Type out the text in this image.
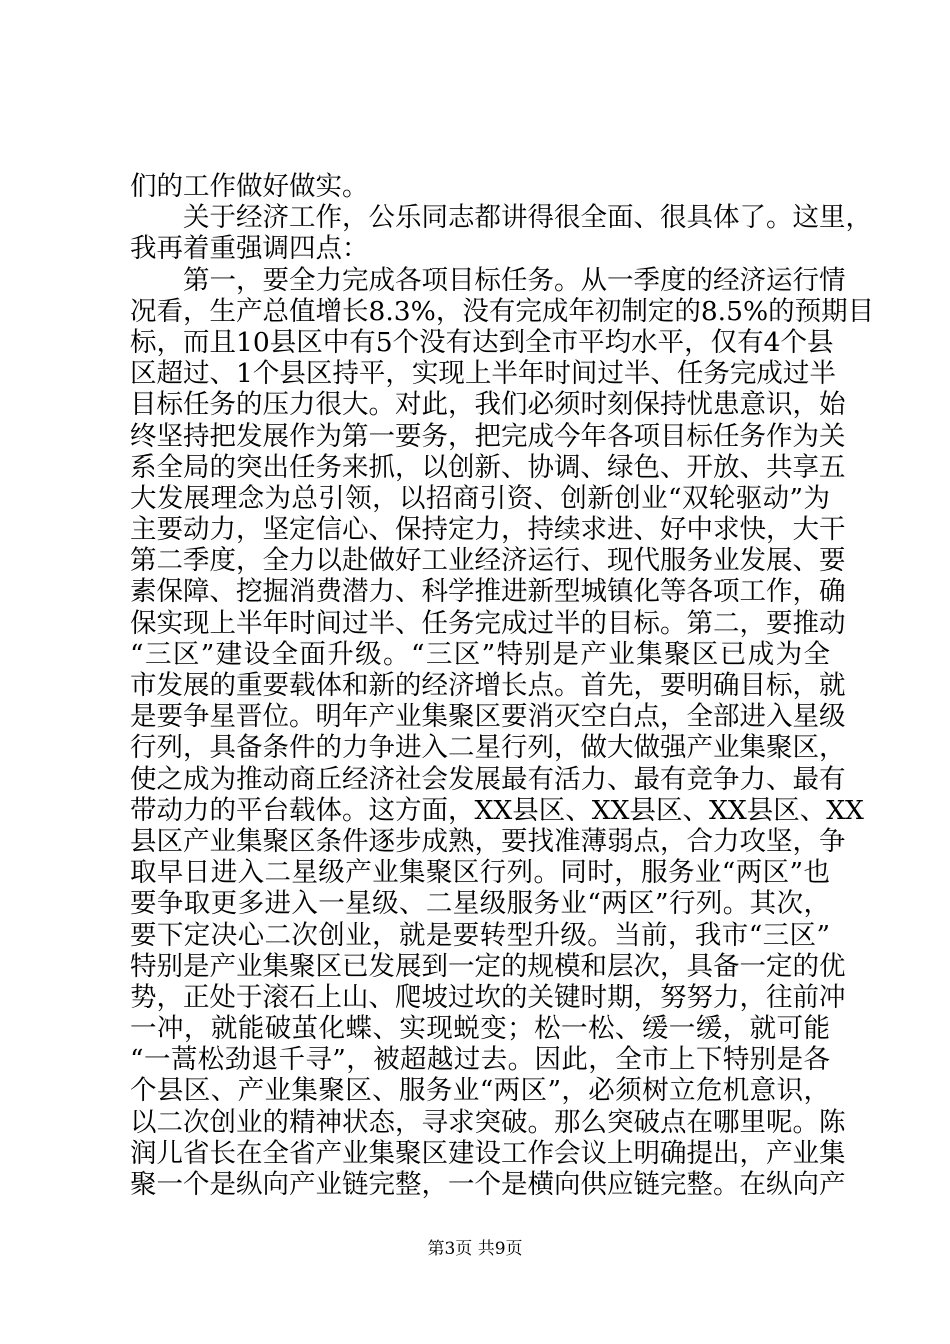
们的工作做好做实。
关于经济工作，公乐同志都讲得很全面、很具体了。这里，
我再着重强调四点：
第一，要全力完成各项目标任务。从一季度的经济运行情
况看，生产总值增长8.3%，没有完成年初制定的8.5%的预期目
标，而且10县区中有5个没有达到全市平均水平，仅有4个县
区超过、1个县区持平，实现上半年时间过半、任务完成过半
目标任务的压力很大。对此，我们必须时刻保持忧患意识，始
终坚持把发展作为第一要务，把完成今年各项目标任务作为关
系全局的突出任务来抓，以创新、协调、绿色、开放、共享五
大发展理念为总引领，以招商引资、创新创业“双轮驱动”为
主要动力，坚定信心、保持定力，持续求进、好中求快，大干
第二季度，全力以赴做好工业经济运行、现代服务业发展、要
素保障、挖掘消费潜力、科学推进新型城镇化等各项工作，确
保实现上半年时间过半、任务完成过半的目标。第二，要推动
“三区”建设全面升级。“三区”特别是产业集聚区已成为全
市发展的重要载体和新的经济增长点。首先，要明确目标，就
是要争星晋位。明年产业集聚区要消灭空白点，全部进入星级
行列，具备条件的力争进入二星行列，做大做强产业集聚区，
使之成为推动商丘经济社会发展最有活力、最有竞争力、最有
带动力的平台载体。这方面，XX县区、XX县区、XX县区、XX
县区产业集聚区条件逐步成熟，要找准薄弱点，合力攻坚，争
取早日进入二星级产业集聚区行列。同时，服务业“两区”也
要争取更多进入一星级、二星级服务业“两区”行列。其次，
要下定决心二次创业，就是要转型升级。当前，我市“三区”
特别是产业集聚区已发展到一定的规模和层次，具备一定的优
势，正处于滚石上山、爬坡过坎的关键时期，努努力，往前冲
一冲，就能破茧化蝶、实现蜕变；松一松、缓一缓，就可能
“一蒿松劲退千寻”，被超越过去。因此，全市上下特别是各
个县区、产业集聚区、服务业“两区”，必须树立危机意识，
以二次创业的精神状态，寻求突破。那么突破点在哪里呢。陈
润儿省长在全省产业集聚区建设工作会议上明确提出，产业集
聚一个是纵向产业链完整，一个是横向供应链完整。在纵向产
第3页 共9页
